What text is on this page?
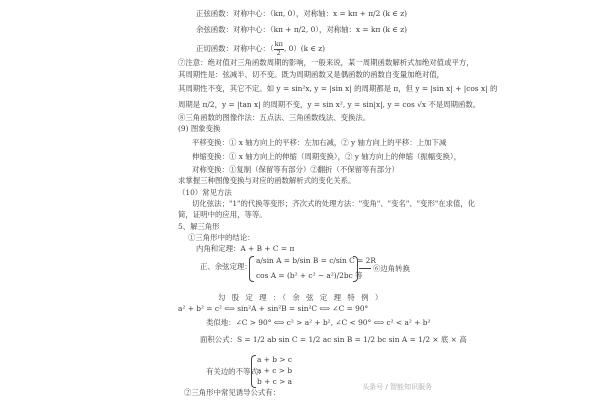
正弦函数：对称中心：（kπ, 0），对称轴：x = kπ + π/2 (k ∈ z)
余弦函数：对称中心：（kπ + π/2, 0），对称轴：x = kπ (k ∈ z)
正切函数：对称中心：（ $\frac{k\pi}{2}$ , 0）(k ∈ z)
⑦注意：绝对值对三角函数周期的影响，一般来说，某一周期函数解析式加绝对值或平方，
其周期性是：弦减半、切不变。既为周期函数又是偶函数的函数自变量加绝对值，
其周期性不变，其它不定。如 y = sin²x, y = |sin x| 的周期都是 π，但 y = |sin x| + |cos x| 的
周期是 π/2，y = |tan x| 的周期不变，y = sin x², y = sin|x|, y = cos √x 不是周期函数。
⑧三角函数的图像作法：五点法、三角函数线法、变换法。
(9) 图象变换
平移变换：① x 轴方向上的平移：左加右减，② y 轴方向上的平移：上加下减
伸缩变换：① x 轴方向上的伸缩（周期变换），② y 轴方向上的伸缩（振幅变换），
对称变换：①复制（保留等有部分）②翻折（不保留等有部分）
求掌握三种图像变换与对应的函数解析式的变化关系。
（10）常见方法
切化弦法；"1"的代换等变形；齐次式的处理方法："变角"、"变名"、"变形"在求值，化
简，证明中的应用，等等。
5、解三角形
①三角形中的结论：
内角和定理：A + B + C = π
正、余弦定理：
a/sin A = b/sin B = c/sin C = 2R
cos A = (b² + c² − a²)/2bc 等
⑥边角转换
勾 股 定 理 ：（ 余 弦 定 理 特 例 ）
a² + b² = c² ⟺ sin²A + sin²B = sin²C ⟺ ∠C = 90°
类似地：∠C > 90° ⟺ c² > a² + b², ∠C < 90° ⟺ c² < a² + b²
面积公式：S = 1/2 ab sin C = 1/2 ac sin B = 1/2 bc sin A = 1/2 × 底 × 高
有关边的不等式：
a + b > c
a + c > b
b + c > a
②三角形中常见诱导公式有：
头条号 / 智能知识服务
